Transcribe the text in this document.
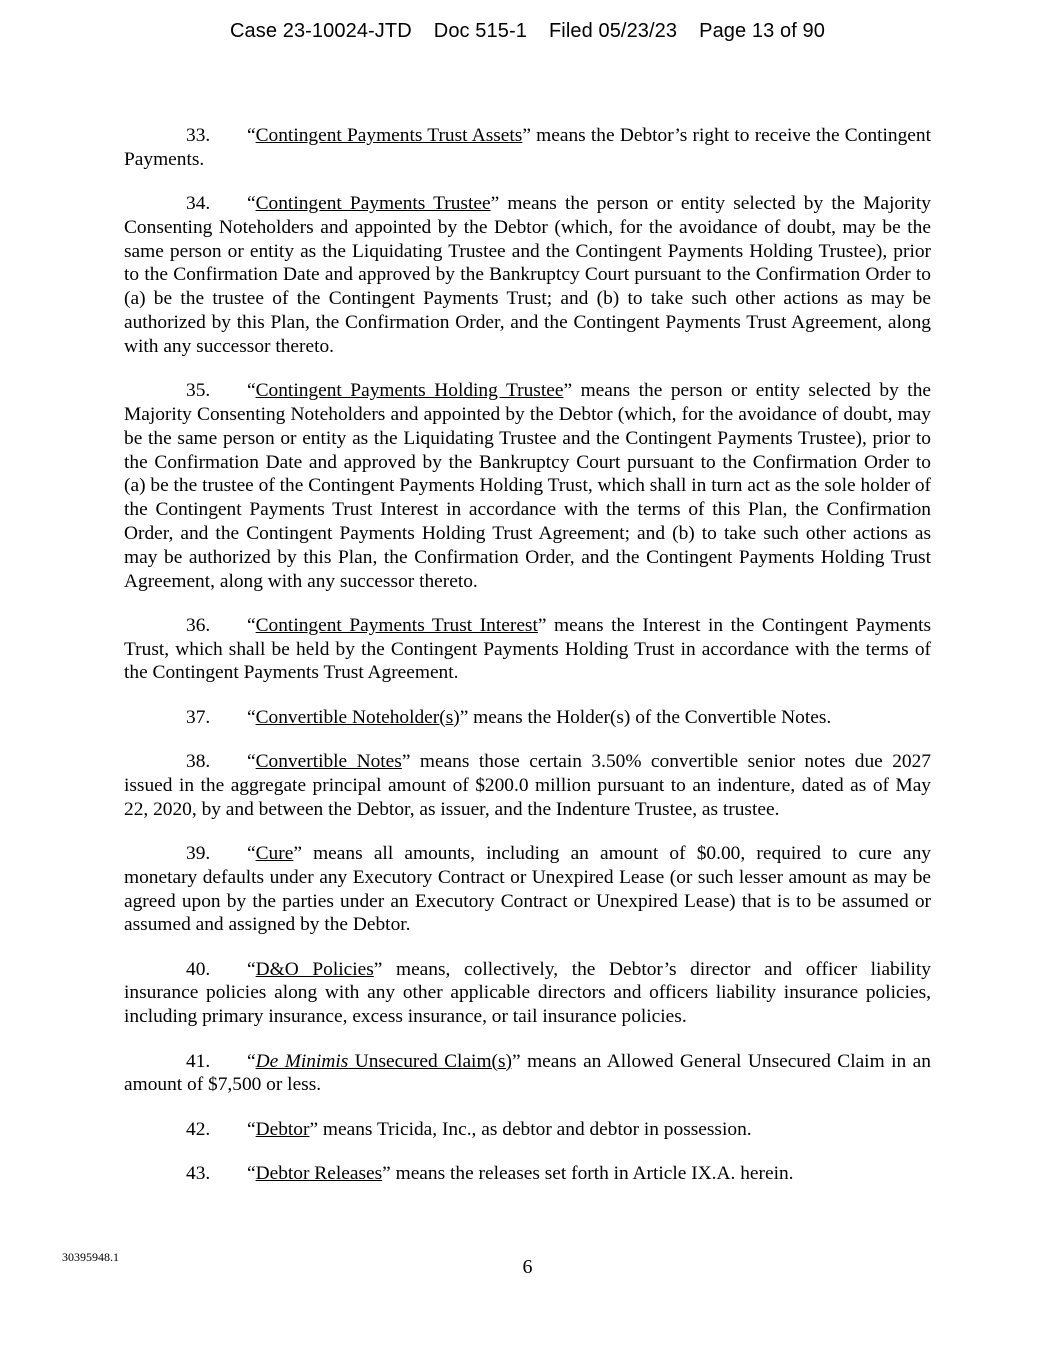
Case 23-10024-JTD Doc 515-1 Filed 05/23/23 Page 13 of 90

33. “Contingent Payments Trust Assets” means the Debtor’s right to receive the Contingent Payments.

34. “Contingent Payments Trustee” means the person or entity selected by the Majority Consenting Noteholders and appointed by the Debtor (which, for the avoidance of doubt, may be the same person or entity as the Liquidating Trustee and the Contingent Payments Holding Trustee), prior to the Confirmation Date and approved by the Bankruptcy Court pursuant to the Confirmation Order to (a) be the trustee of the Contingent Payments Trust; and (b) to take such other actions as may be authorized by this Plan, the Confirmation Order, and the Contingent Payments Trust Agreement, along with any successor thereto.

35. “Contingent Payments Holding Trustee” means the person or entity selected by the Majority Consenting Noteholders and appointed by the Debtor (which, for the avoidance of doubt, may be the same person or entity as the Liquidating Trustee and the Contingent Payments Trustee), prior to the Confirmation Date and approved by the Bankruptcy Court pursuant to the Confirmation Order to (a) be the trustee of the Contingent Payments Holding Trust, which shall in turn act as the sole holder of the Contingent Payments Trust Interest in accordance with the terms of this Plan, the Confirmation Order, and the Contingent Payments Holding Trust Agreement; and (b) to take such other actions as may be authorized by this Plan, the Confirmation Order, and the Contingent Payments Holding Trust Agreement, along with any successor thereto.

36. “Contingent Payments Trust Interest” means the Interest in the Contingent Payments Trust, which shall be held by the Contingent Payments Holding Trust in accordance with the terms of the Contingent Payments Trust Agreement.

37. “Convertible Noteholder(s)” means the Holder(s) of the Convertible Notes.

38. “Convertible Notes” means those certain 3.50% convertible senior notes due 2027 issued in the aggregate principal amount of $200.0 million pursuant to an indenture, dated as of May 22, 2020, by and between the Debtor, as issuer, and the Indenture Trustee, as trustee.

39. “Cure” means all amounts, including an amount of $0.00, required to cure any monetary defaults under any Executory Contract or Unexpired Lease (or such lesser amount as may be agreed upon by the parties under an Executory Contract or Unexpired Lease) that is to be assumed or assumed and assigned by the Debtor.

40. “D&O Policies” means, collectively, the Debtor’s director and officer liability insurance policies along with any other applicable directors and officers liability insurance policies, including primary insurance, excess insurance, or tail insurance policies.

41. “De Minimis Unsecured Claim(s)” means an Allowed General Unsecured Claim in an amount of $7,500 or less.

42. “Debtor” means Tricida, Inc., as debtor and debtor in possession.

43. “Debtor Releases” means the releases set forth in Article IX.A. herein.

30395948.1	6
